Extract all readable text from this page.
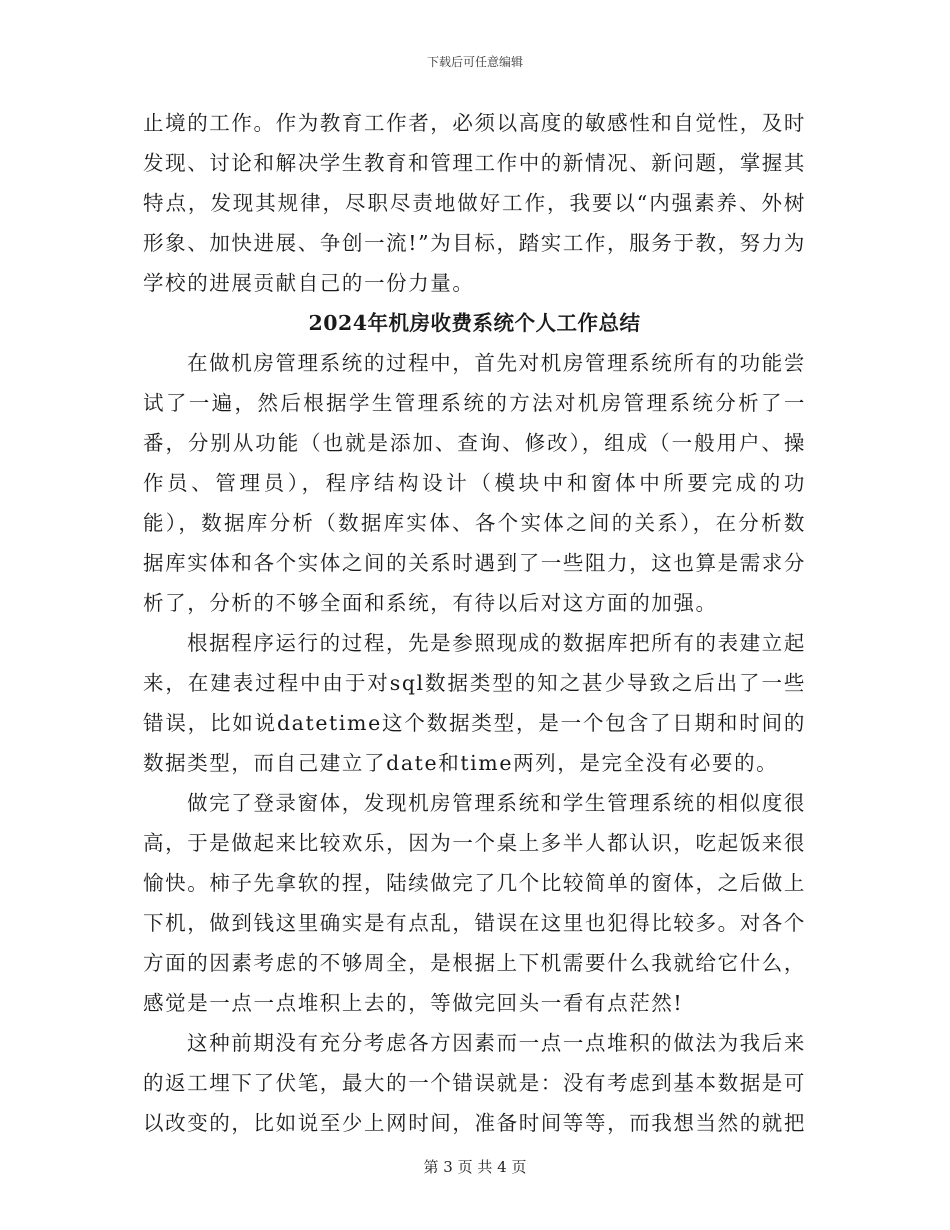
下载后可任意编辑

止境的工作。作为教育工作者，必须以高度的敏感性和自觉性，及时发现、讨论和解决学生教育和管理工作中的新情况、新问题，掌握其特点，发现其规律，尽职尽责地做好工作，我要以“内强素养、外树形象、加快进展、争创一流!”为目标，踏实工作，服务于教，努力为学校的进展贡献自己的一份力量。

2024年机房收费系统个人工作总结

在做机房管理系统的过程中，首先对机房管理系统所有的功能尝试了一遍，然后根据学生管理系统的方法对机房管理系统分析了一番，分别从功能（也就是添加、查询、修改），组成（一般用户、操作员、管理员），程序结构设计（模块中和窗体中所要完成的功能），数据库分析（数据库实体、各个实体之间的关系），在分析数据库实体和各个实体之间的关系时遇到了一些阻力，这也算是需求分析了，分析的不够全面和系统，有待以后对这方面的加强。

根据程序运行的过程，先是参照现成的数据库把所有的表建立起来，在建表过程中由于对sql数据类型的知之甚少导致之后出了一些错误，比如说datetime这个数据类型，是一个包含了日期和时间的数据类型，而自己建立了date和time两列，是完全没有必要的。

做完了登录窗体，发现机房管理系统和学生管理系统的相似度很高，于是做起来比较欢乐，因为一个桌上多半人都认识，吃起饭来很愉快。柿子先拿软的捏，陆续做完了几个比较简单的窗体，之后做上下机，做到钱这里确实是有点乱，错误在这里也犯得比较多。对各个方面的因素考虑的不够周全，是根据上下机需要什么我就给它什么，感觉是一点一点堆积上去的，等做完回头一看有点茫然!

这种前期没有充分考虑各方因素而一点一点堆积的做法为我后来的返工埋下了伏笔，最大的一个错误就是：没有考虑到基本数据是可以改变的，比如说至少上网时间，准备时间等等，而我想当然的就把

第 3 页 共 4 页
